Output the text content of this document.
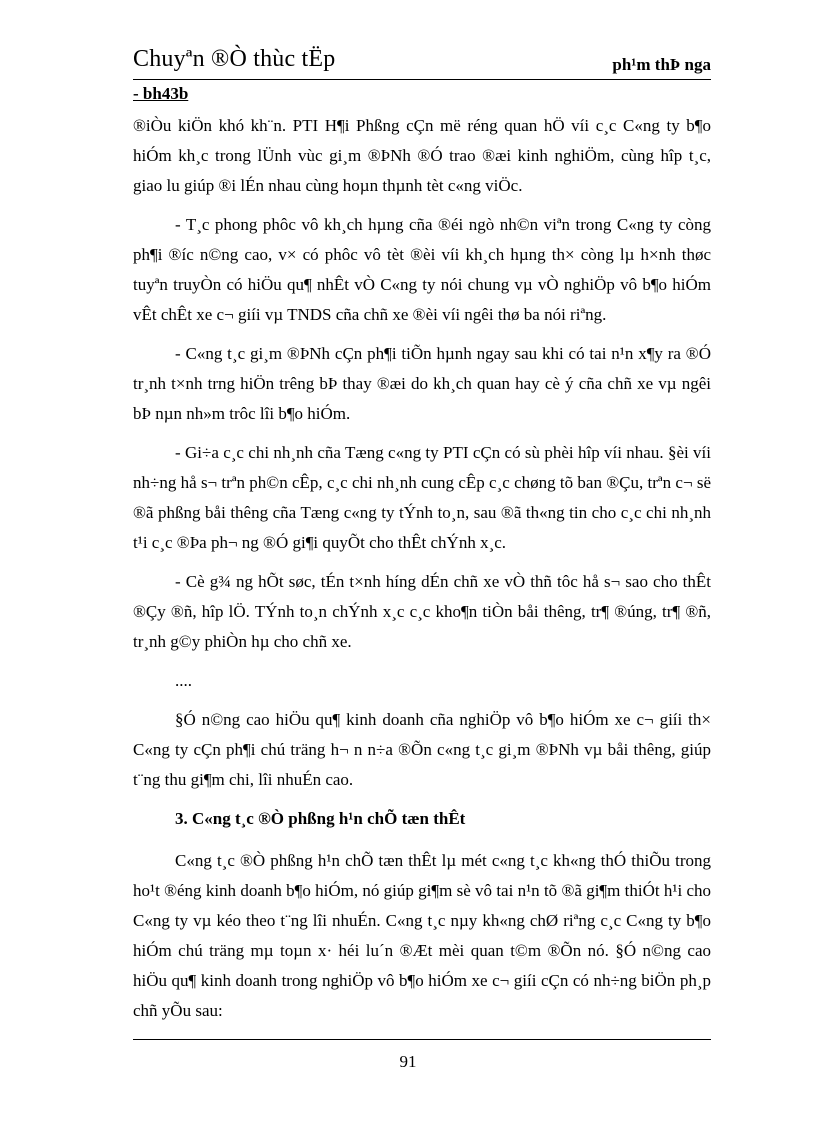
Chuyªn ®Ò thùc tËp	ph¹m thÞ nga
- bh43b

®iÒu kiÖn khó kh¨n. PTI H¶i Phßng cÇn më réng quan hÖ víi c¸c C«ng ty b¶o hiÓm kh¸c trong lÜnh vùc gi¸m ®ÞNh ®Ó trao ®æi kinh nghiÖm, cùng hîp t¸c, giao lu giúp ®i lÉn nhau cùng hoµn thµnh tèt c«ng viÖc.

- T¸c phong phôc vô kh¸ch hµng cña ®éi ngò nh©n viªn trong C«ng ty còng ph¶i ®íc n©ng cao, v× có phôc vô tèt ®èi víi kh¸ch hµng th× còng lµ h×nh thøc tuyªn truyÒn có hiÖu qu¶ nhÊt vÒ C«ng ty nói chung vµ vÒ nghiÖp vô b¶o hiÓm vÊt chÊt xe c¬ giíi vµ TNDS cña chñ xe ®èi víi ngêi thø ba nói riªng.

- C«ng t¸c gi¸m ®ÞNh cÇn ph¶i tiÕn hµnh ngay sau khi có tai n¹n x¶y ra ®Ó tr¸nh t×nh trng hiÖn trêng bÞ thay ®æi do kh¸ch quan hay cè ý cña chñ xe vµ ngêi bÞ nµn nh»m trôc lîi b¶o hiÓm.

- Gi÷a c¸c chi nh¸nh cña Tæng c«ng ty PTI cÇn có sù phèi hîp víi nhau. §èi víi nh÷ng hå s¬ trªn ph©n cÊp, c¸c chi nh¸nh cung cÊp c¸c chøng tõ ban ®Çu, trªn c¬ së ®ã phßng båi thêng cña Tæng c«ng ty tÝnh to¸n, sau ®ã th«ng tin cho c¸c chi nh¸nh t¹i c¸c ®Þa ph¬ ng ®Ó gi¶i quyÕt cho thÊt chÝnh x¸c.

- Cè g¾ ng hÕt søc, tÉn t×nh híng dÉn chñ xe vÒ thñ tôc hå s¬ sao cho thÊt ®Çy ®ñ, hîp lÖ. TÝnh to¸n chÝnh x¸c c¸c kho¶n tiÒn båi thêng, tr¶ ®úng, tr¶ ®ñ, tr¸nh g©y phiÒn hµ cho chñ xe.

....

§Ó n©ng cao hiÖu qu¶ kinh doanh cña nghiÖp vô b¶o hiÓm xe c¬ giíi th× C«ng ty cÇn ph¶i chú träng h¬ n n÷a ®Õn c«ng t¸c gi¸m ®ÞNh vµ båi thêng, giúp t¨ng thu gi¶m chi, lîi nhuÉn cao.

3. C«ng t¸c ®Ò phßng h¹n chÕ tæn thÊt

C«ng t¸c ®Ò phßng h¹n chÕ tæn thÊt lµ mét c«ng t¸c kh«ng thÓ thiÕu trong ho¹t ®éng kinh doanh b¶o hiÓm, nó giúp gi¶m sè vô tai n¹n tõ ®ã gi¶m thiÓt h¹i cho C«ng ty vµ kéo theo t¨ng lîi nhuÉn. C«ng t¸c nµy kh«ng chØ riªng c¸c C«ng ty b¶o hiÓm chú träng mµ toµn x· héi lu´n ®Æt mèi quan t©m ®Õn nó. §Ó n©ng cao hiÖu qu¶ kinh doanh trong nghiÖp vô b¶o hiÓm xe c¬ giíi cÇn có nh÷ng biÖn ph¸p chñ yÕu sau:

91
